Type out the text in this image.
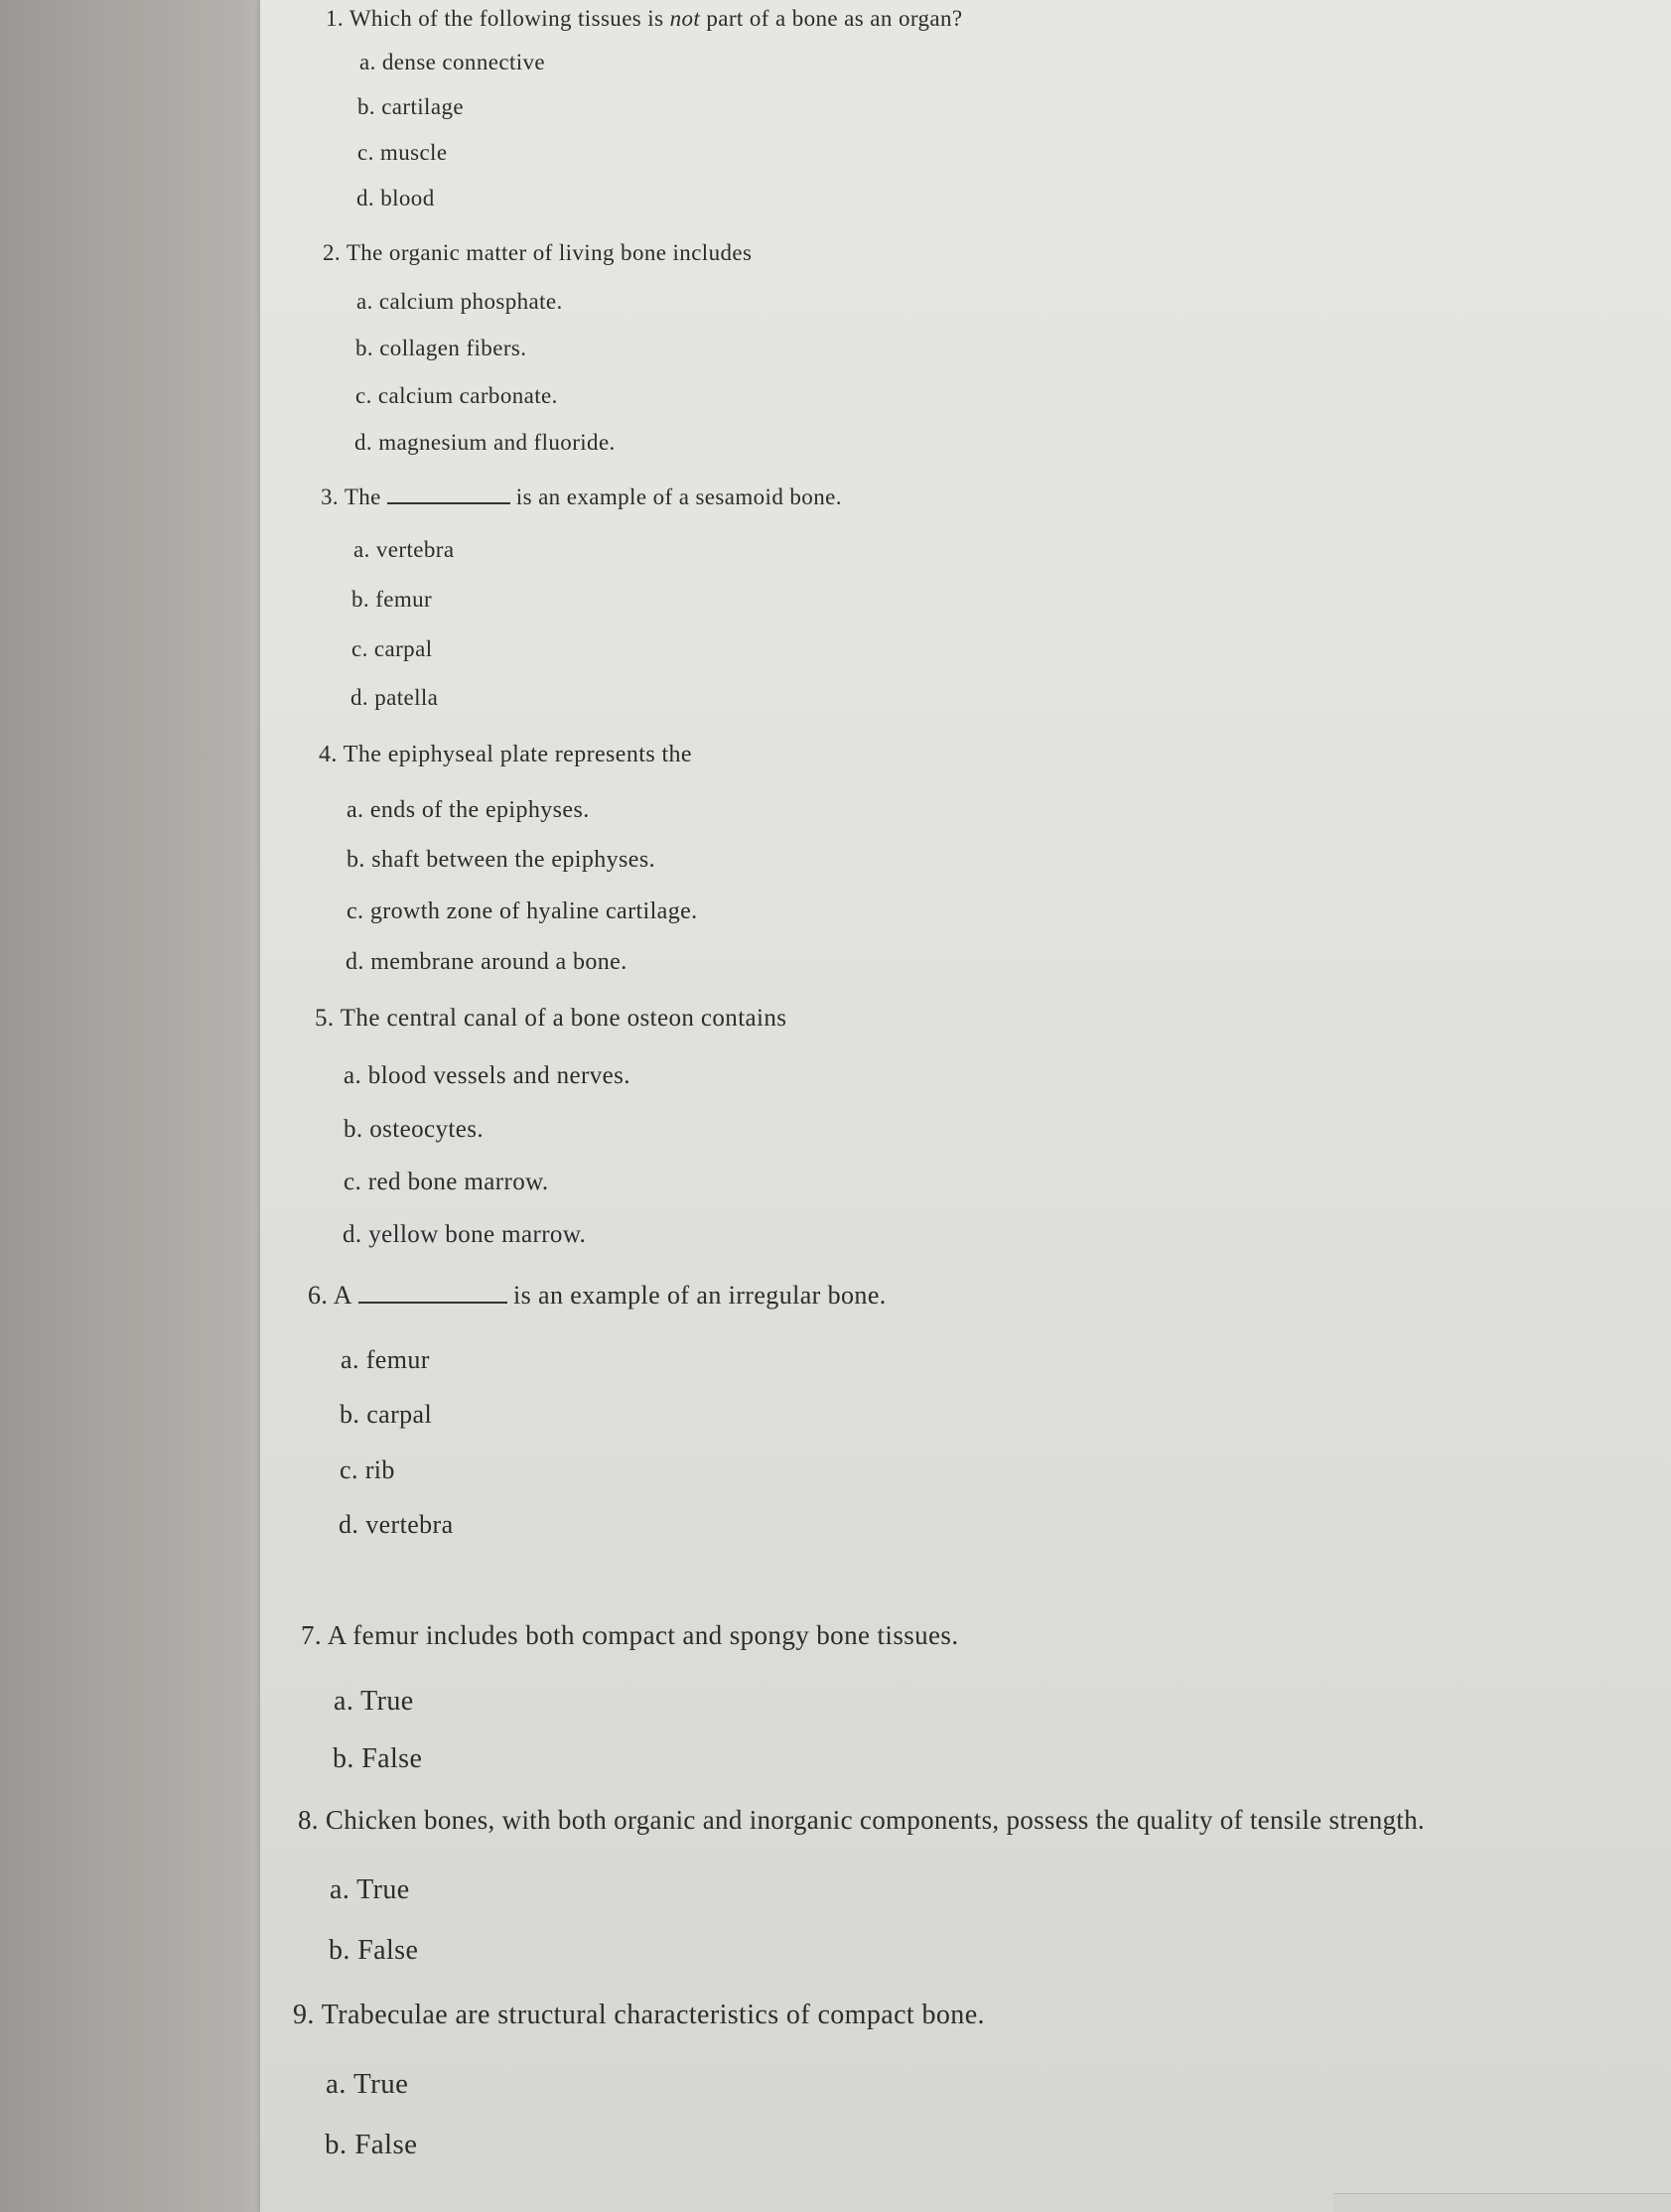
1. Which of the following tissues is not part of a bone as an organ?
a. dense connective
b. cartilage
c. muscle
d. blood
2. The organic matter of living bone includes
a. calcium phosphate.
b. collagen fibers.
c. calcium carbonate.
d. magnesium and fluoride.
3. The	is an example of a sesamoid bone.
a. vertebra
b. femur
c. carpal
d. patella
4. The epiphyseal plate represents the
a. ends of the epiphyses.
b. shaft between the epiphyses.
c. growth zone of hyaline cartilage.
d. membrane around a bone.
5. The central canal of a bone osteon contains
a. blood vessels and nerves.
b. osteocytes.
c. red bone marrow.
d. yellow bone marrow.
6. A	is an example of an irregular bone.
a. femur
b. carpal
c. rib
d. vertebra
7. A femur includes both compact and spongy bone tissues.
a. True
b. False
8. Chicken bones, with both organic and inorganic components, possess the quality of tensile strength.
a. True
b. False
9. Trabeculae are structural characteristics of compact bone.
a. True
b. False
